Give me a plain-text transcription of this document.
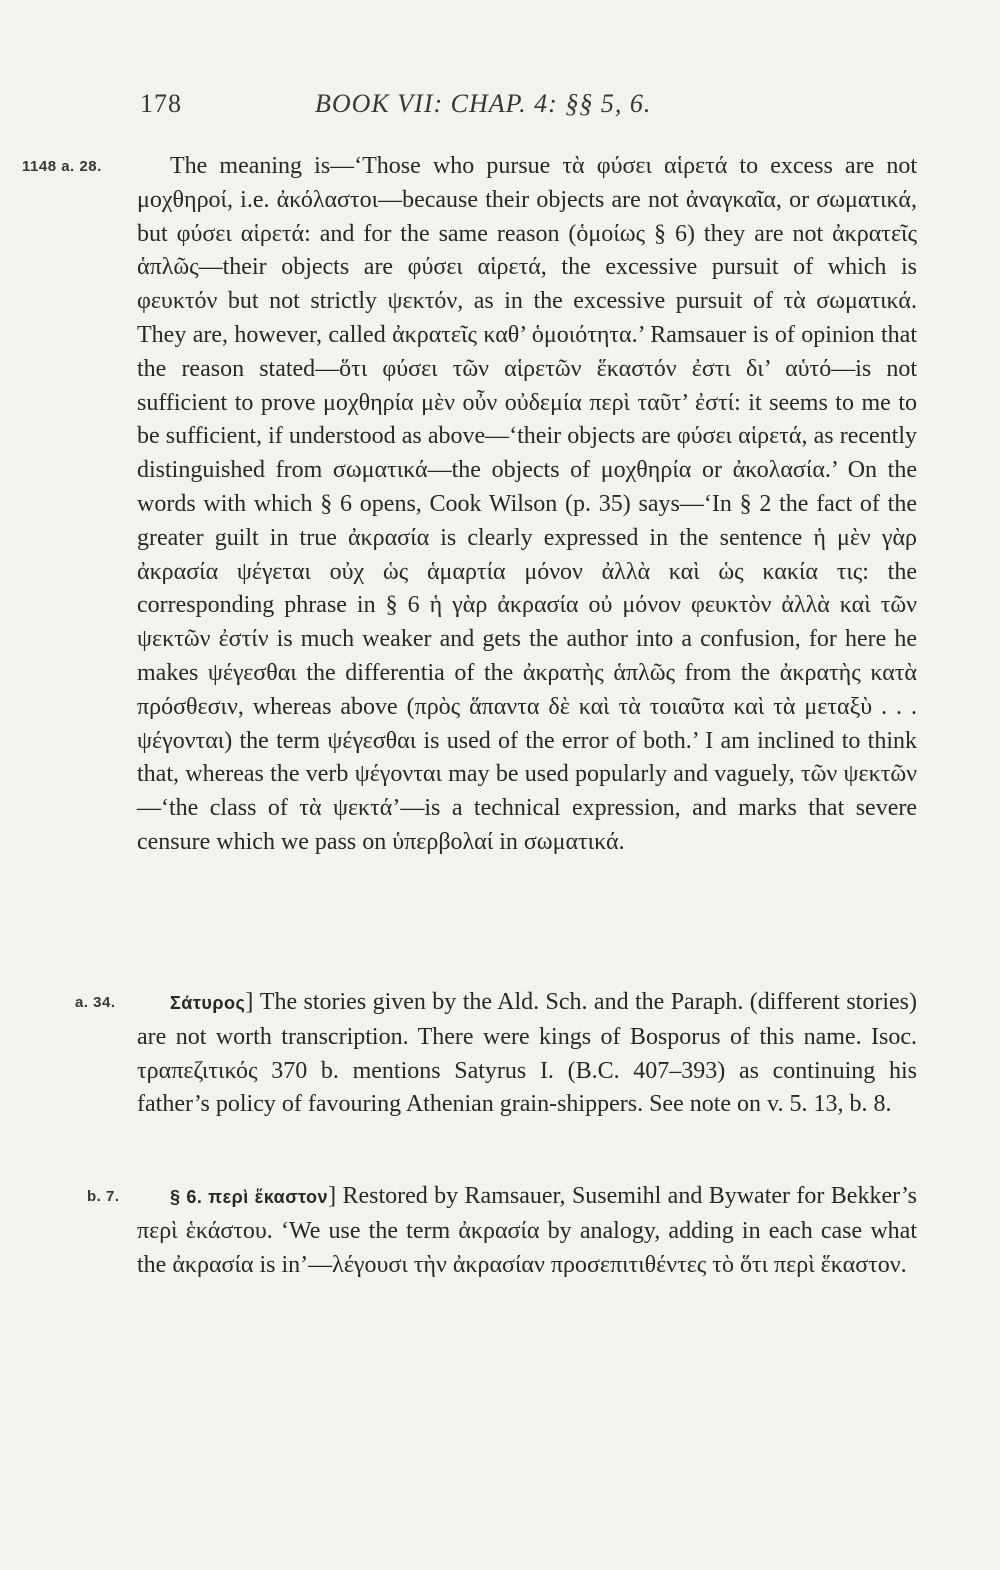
178	BOOK VII: CHAP. 4: §§ 5, 6.
1148 a. 28.	The meaning is—‘Those who pursue τὰ φύσει αἱρετά to excess are not μοχθηροί, i.e. ἀκόλαστοι—because their objects are not ἀναγκαῖα, or σωματικά, but φύσει αἱρετά: and for the same reason (ὁμοίως § 6) they are not ἀκρατεῖς ἁπλῶς—their objects are φύσει αἱρετά, the excessive pursuit of which is φευκτόν but not strictly ψεκτόν, as in the excessive pursuit of τὰ σωματικά. They are, however, called ἀκρατεῖς καθ’ ὁμοιότητα.’ Ramsauer is of opinion that the reason stated—ὅτι φύσει τῶν αἱρετῶν ἕκαστόν ἐστι δι’ αὑτό—is not sufficient to prove μοχθηρία μὲν οὖν οὐδεμία περὶ ταῦτ’ ἐστί: it seems to me to be sufficient, if understood as above—‘their objects are φύσει αἱρετά, as recently distinguished from σωματικά—the objects of μοχθηρία or ἀκολασία.’ On the words with which § 6 opens, Cook Wilson (p. 35) says—‘In § 2 the fact of the greater guilt in true ἀκρασία is clearly expressed in the sentence ἡ μὲν γὰρ ἀκρασία ψέγεται οὐχ ὡς ἁμαρτία μόνον ἀλλὰ καὶ ὡς κακία τις: the corresponding phrase in § 6 ἡ γὰρ ἀκρασία οὐ μόνον φευκτὸν ἀλλὰ καὶ τῶν ψεκτῶν ἐστίν is much weaker and gets the author into a confusion, for here he makes ψέγεσθαι the differentia of the ἀκρατὴς ἁπλῶς from the ἀκρατὴς κατὰ πρόσθεσιν, whereas above (πρὸς ἅπαντα δὲ καὶ τὰ τοιαῦτα καὶ τὰ μεταξὺ . . . ψέγονται) the term ψέγεσθαι is used of the error of both.’ I am inclined to think that, whereas the verb ψέγονται may be used popularly and vaguely, τῶν ψεκτῶν—‘the class of τὰ ψεκτά’—is a technical expression, and marks that severe censure which we pass on ὑπερβολαί in σωματικά.

a. 34.	Σάτυρος] The stories given by the Ald. Sch. and the Paraph. (different stories) are not worth transcription. There were kings of Bosporus of this name. Isoc. τραπεζιτικός 370 b. mentions Satyrus I. (B.C. 407–393) as continuing his father’s policy of favouring Athenian grain-shippers. See note on v. 5. 13, b. 8.

b. 7.	§ 6. περὶ ἕκαστον] Restored by Ramsauer, Susemihl and Bywater for Bekker’s περὶ ἑκάστου. ‘We use the term ἀκρασία by analogy, adding in each case what the ἀκρασία is in’—λέγουσι τὴν ἀκρασίαν προσεπιτιθέντες τὸ ὅτι περὶ ἕκαστον.
